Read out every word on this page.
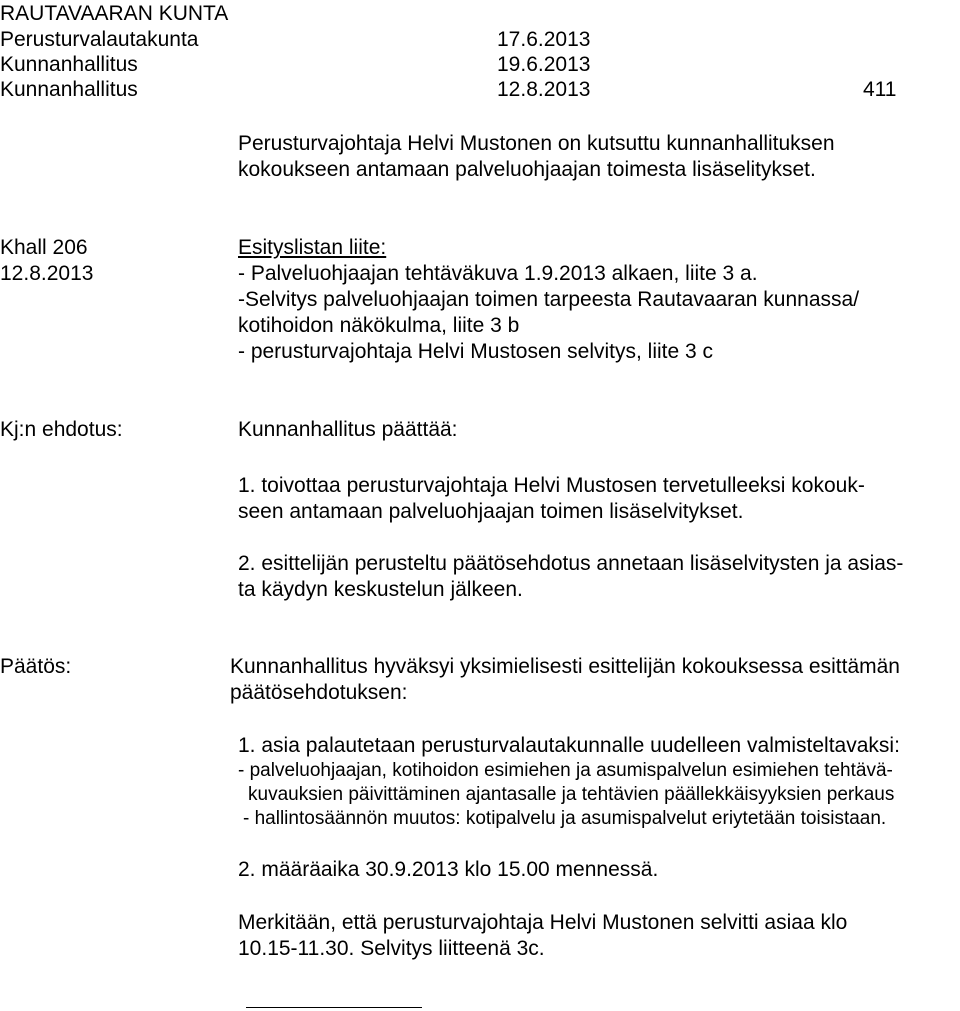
RAUTAVAARAN KUNTA
Perusturvalautakunta	17.6.2013
Kunnanhallitus	19.6.2013
Kunnanhallitus	12.8.2013	411
Perusturvajohtaja Helvi Mustonen on kutsuttu kunnanhallituksen
kokoukseen antamaan palveluohjaajan toimesta lisäselitykset.
Khall 206	Esityslistan liite:
12.8.2013	- Palveluohjaajan tehtäväkuva 1.9.2013 alkaen, liite 3 a.
-Selvitys palveluohjaajan toimen tarpeesta Rautavaaran kunnassa/
kotihoidon näkökulma, liite 3 b
- perusturvajohtaja Helvi Mustosen selvitys, liite 3 c
Kj:n ehdotus:	Kunnanhallitus päättää:
1. toivottaa perusturvajohtaja Helvi Mustosen tervetulleeksi kokouk-
seen antamaan palveluohjaajan toimen lisäselvitykset.
2. esittelijän perusteltu päätösehdotus annetaan lisäselvitysten ja asias-
ta käydyn keskustelun jälkeen.
Päätös:	Kunnanhallitus hyväksyi yksimielisesti esittelijän kokouksessa esittämän
päätösehdotuksen:
1. asia palautetaan perusturvalautakunnalle uudelleen valmisteltavaksi:
- palveluohjaajan, kotihoidon esimiehen ja asumispalvelun esimiehen tehtävä-
kuvauksien päivittäminen ajantasalle ja tehtävien päällekkäisyyksien perkaus
- hallintosäännön muutos: kotipalvelu ja asumispalvelut eriytetään toisistaan.
2. määräaika 30.9.2013 klo 15.00 mennessä.
Merkitään, että perusturvajohtaja Helvi Mustonen selvitti asiaa klo
10.15-11.30. Selvitys liitteenä 3c.
